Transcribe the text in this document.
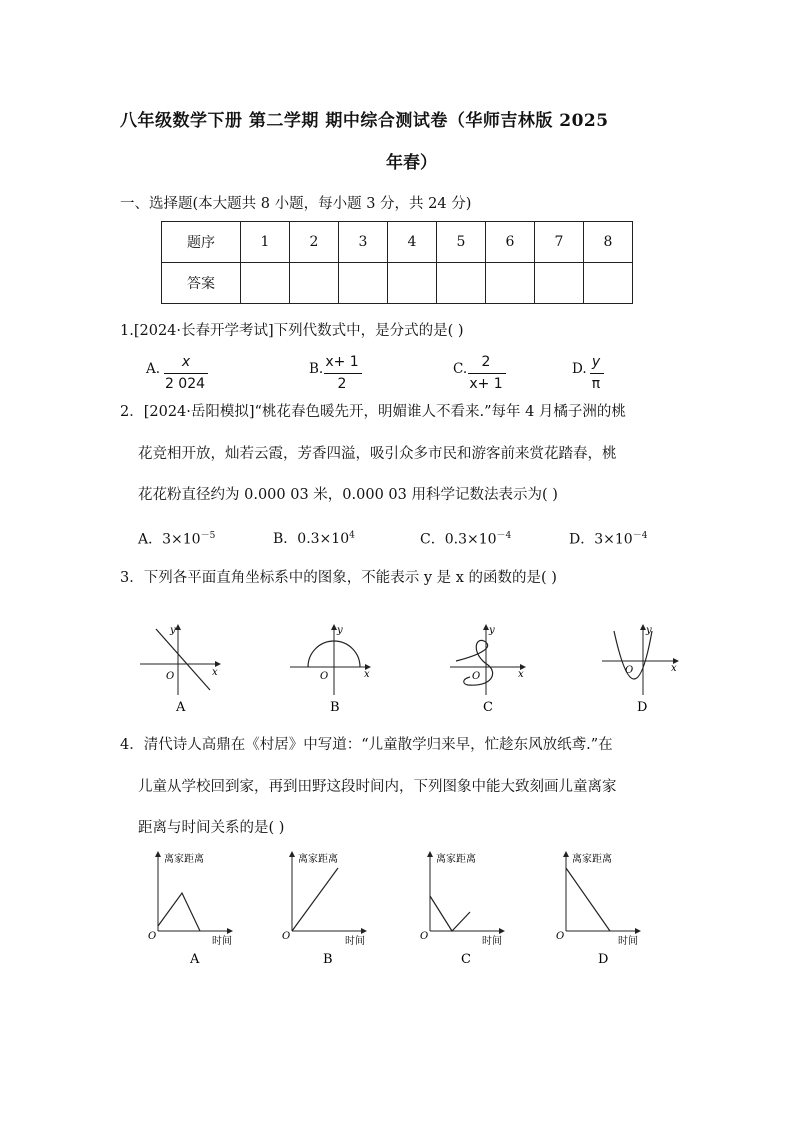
八年级数学下册 第二学期 期中综合测试卷（华师吉林版 2025
年春）
一、选择题(本大题共 8 小题，每小题 3 分，共 24 分)
题序	1	2	3	4	5	6	7	8
答案								
1.[2024·长春开学考试]下列代数式中，是分式的是( )
A.	x
2 024
B. x+ 1
2
C.	2
x+ 1
D. y
π
2．[2024·岳阳模拟]“桃花春色暖先开，明媚谁人不看来.”每年 4 月橘子洲的桃
花竞相开放，灿若云霞，芳香四溢，吸引众多市民和游客前来赏花踏春，桃
花花粉直径约为 0.000 03 米，0.000 03 用科学记数法表示为( )
A．$3\times 10^{-5}$	B．$0.3\times 10^4$	C．$0.3\times 10^{-4}$	D．$3\times 10^{-4}$
3．下列各平面直角坐标系中的图象，不能表示 y 是 x 的函数的是( )
O	x
y
A
O	x
y
B
O	x
y
C
O	x
y
D
4．清代诗人高鼎在《村居》中写道：“儿童散学归来早，忙趁东风放纸鸢.”在
儿童从学校回到家，再到田野这段时间内，下列图象中能大致刻画儿童离家
距离与时间关系的是( )
离家距离
时间
O
A
离家距离
时间
O
B
离家距离
时间
O
C
离家距离
时间
O
D
